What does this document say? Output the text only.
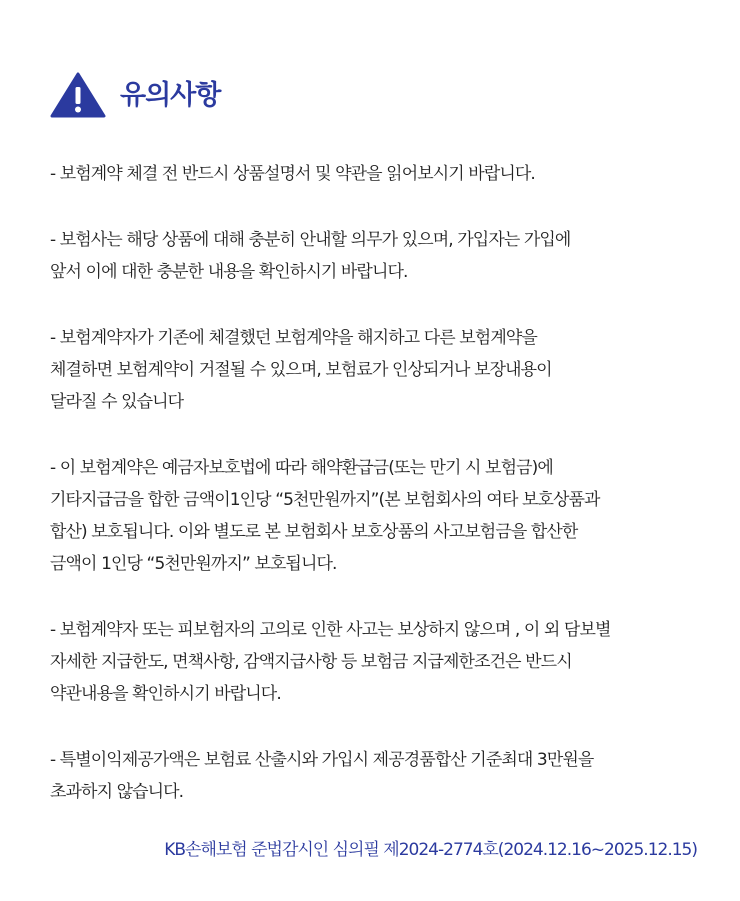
유의사항
- 보험계약 체결 전 반드시 상품설명서 및 약관을 읽어보시기 바랍니다.
- 보험사는 해당 상품에 대해 충분히 안내할 의무가 있으며, 가입자는 가입에
앞서 이에 대한 충분한 내용을 확인하시기 바랍니다.
- 보험계약자가 기존에 체결했던 보험계약을 해지하고 다른 보험계약을
체결하면 보험계약이 거절될 수 있으며, 보험료가 인상되거나 보장내용이
달라질 수 있습니다
- 이 보험계약은 예금자보호법에 따라 해약환급금(또는 만기 시 보험금)에
기타지급금을 합한 금액이1인당 “5천만원까지”(본 보험회사의 여타 보호상품과
합산) 보호됩니다. 이와 별도로 본 보험회사 보호상품의 사고보험금을 합산한
금액이 1인당 “5천만원까지” 보호됩니다.
- 보험계약자 또는 피보험자의 고의로 인한 사고는 보상하지 않으며 , 이 외 담보별
자세한 지급한도, 면책사항, 감액지급사항 등 보험금 지급제한조건은 반드시
약관내용을 확인하시기 바랍니다.
- 특별이익제공가액은 보험료 산출시와 가입시 제공경품합산 기준최대 3만원을
초과하지 않습니다.
KB손해보험 준법감시인 심의필 제2024-2774호(2024.12.16~2025.12.15)
